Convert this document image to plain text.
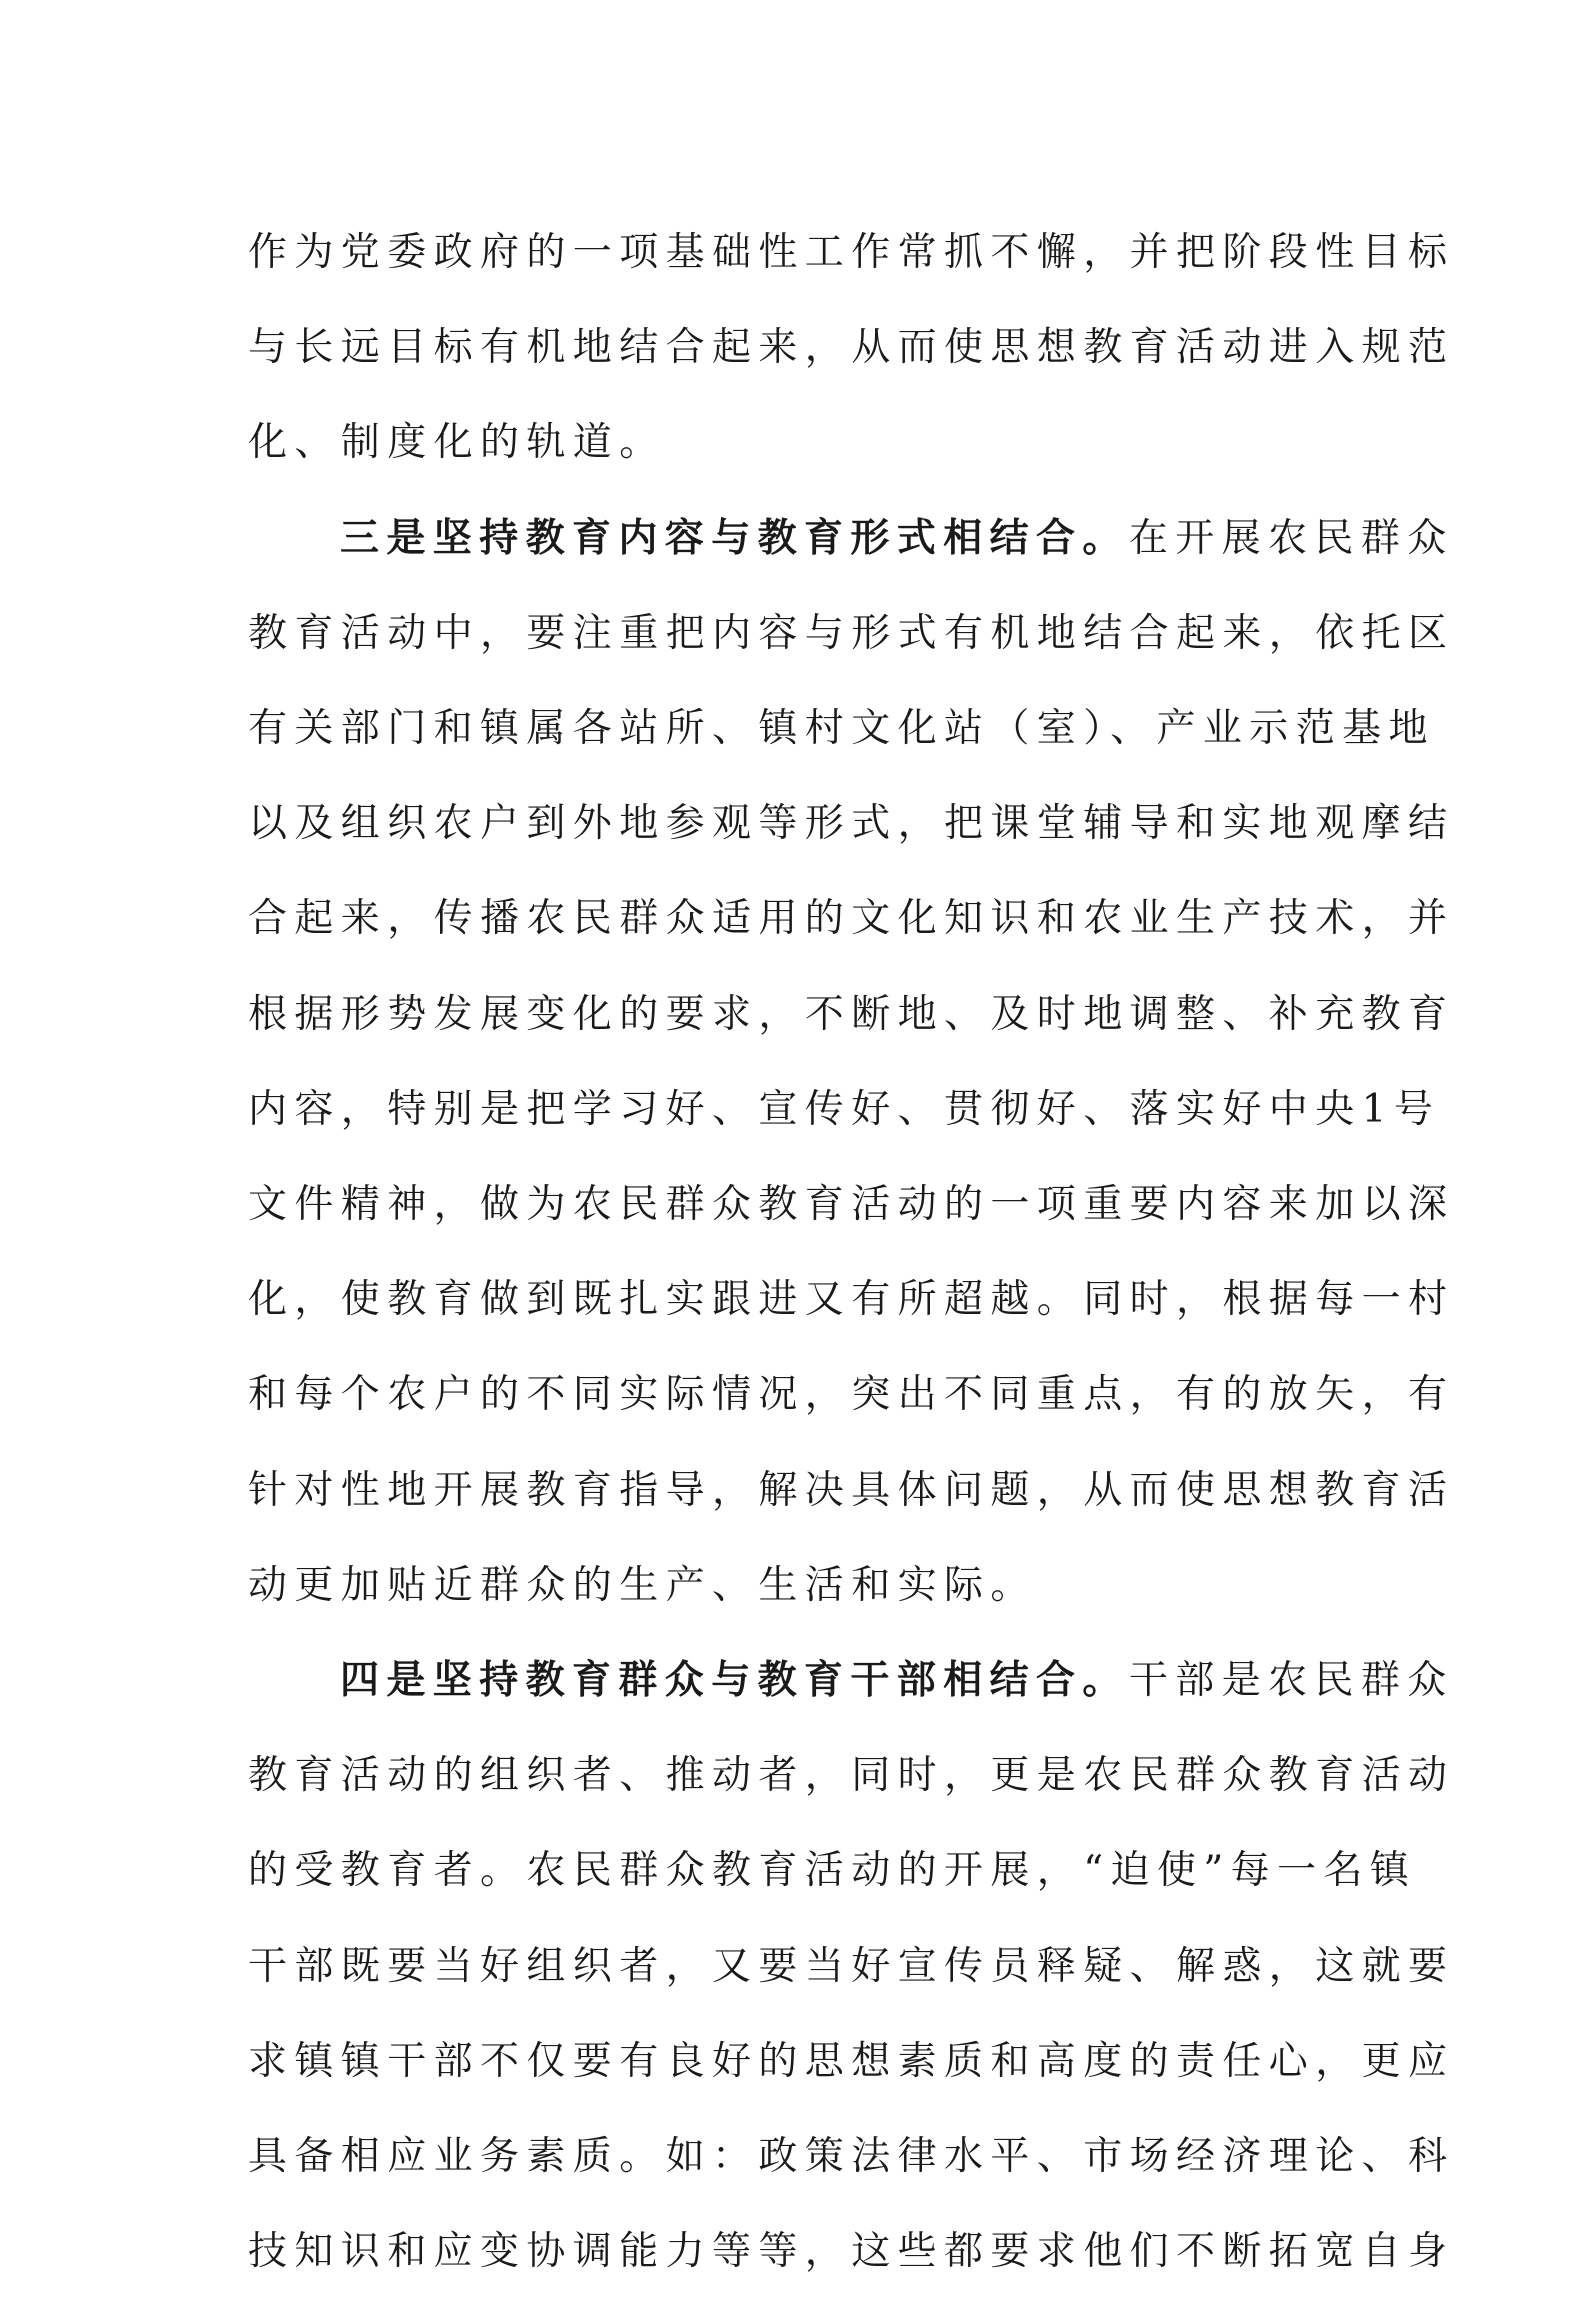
作为党委政府的一项基础性工作常抓不懈，并把阶段性目标
与长远目标有机地结合起来，从而使思想教育活动进入规范
化、制度化的轨道。

三是坚持教育内容与教育形式相结合。在开展农民群众
教育活动中，要注重把内容与形式有机地结合起来，依托区
有关部门和镇属各站所、镇村文化站（室）、产业示范基地
以及组织农户到外地参观等形式，把课堂辅导和实地观摩结
合起来，传播农民群众适用的文化知识和农业生产技术，并
根据形势发展变化的要求，不断地、及时地调整、补充教育
内容，特别是把学习好、宣传好、贯彻好、落实好中央1号
文件精神，做为农民群众教育活动的一项重要内容来加以深
化，使教育做到既扎实跟进又有所超越。同时，根据每一村
和每个农户的不同实际情况，突出不同重点，有的放矢，有
针对性地开展教育指导，解决具体问题，从而使思想教育活
动更加贴近群众的生产、生活和实际。

四是坚持教育群众与教育干部相结合。干部是农民群众
教育活动的组织者、推动者，同时，更是农民群众教育活动
的受教育者。农民群众教育活动的开展，“迫使”每一名镇
干部既要当好组织者，又要当好宣传员释疑、解惑，这就要
求镇镇干部不仅要有良好的思想素质和高度的责任心，更应
具备相应业务素质。如：政策法律水平、市场经济理论、科
技知识和应变协调能力等等，这些都要求他们不断拓宽自身
